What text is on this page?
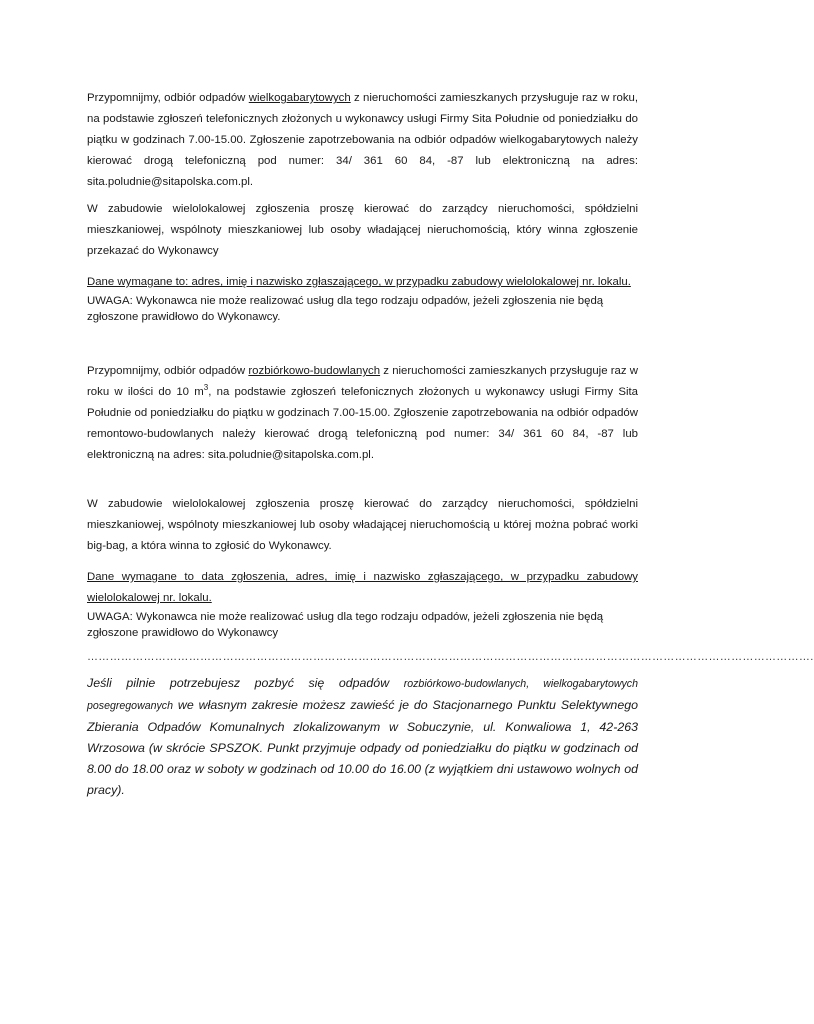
Przypomnijmy, odbiór odpadów wielkogabarytowych z nieruchomości zamieszkanych przysługuje raz w roku, na podstawie zgłoszeń telefonicznych złożonych u wykonawcy usługi Firmy Sita Południe od poniedziałku do piątku w godzinach 7.00-15.00. Zgłoszenie zapotrzebowania na odbiór odpadów wielkogabarytowych należy kierować drogą telefoniczną pod numer: 34/ 361 60 84, -87 lub elektroniczną na adres: sita.poludnie@sitapolska.com.pl.

W zabudowie wielolokalowej zgłoszenia proszę kierować do zarządcy nieruchomości, spółdzielni mieszkaniowej, wspólnoty mieszkaniowej lub osoby władającej nieruchomością, który winna zgłoszenie przekazać do Wykonawcy

Dane wymagane to: adres, imię i nazwisko zgłaszającego, w przypadku zabudowy wielolokalowej nr. lokalu.

UWAGA: Wykonawca nie może realizować usług dla tego rodzaju odpadów, jeżeli zgłoszenia nie będą zgłoszone prawidłowo do Wykonawcy.

Przypomnijmy, odbiór odpadów rozbiórkowo-budowlanych z nieruchomości zamieszkanych przysługuje raz w roku w ilości do 10 $m^3$, na podstawie zgłoszeń telefonicznych złożonych u wykonawcy usługi Firmy Sita Południe od poniedziałku do piątku w godzinach 7.00-15.00. Zgłoszenie zapotrzebowania na odbiór odpadów remontowo-budowlanych należy kierować drogą telefoniczną pod numer: 34/ 361 60 84, -87 lub elektroniczną na adres: sita.poludnie@sitapolska.com.pl.

W zabudowie wielolokalowej zgłoszenia proszę kierować do zarządcy nieruchomości, spółdzielni mieszkaniowej, wspólnoty mieszkaniowej lub osoby władającej nieruchomością u której można pobrać worki big-bag, a która winna to zgłosić do Wykonawcy.

Dane wymagane to data zgłoszenia, adres, imię i nazwisko zgłaszającego, w przypadku zabudowy wielolokalowej nr. lokalu.

UWAGA: Wykonawca nie może realizować usług dla tego rodzaju odpadów, jeżeli zgłoszenia nie będą zgłoszone prawidłowo do Wykonawcy

………………………………………………………………………………………………………………………………………………………………………….

Jeśli pilnie potrzebujesz pozbyć się odpadów rozbiórkowo-budowlanych, wielkogabarytowych posegregowanych we własnym zakresie możesz zawieść je do Stacjonarnego Punktu Selektywnego Zbierania Odpadów Komunalnych zlokalizowanym w Sobuczynie, ul. Konwaliowa 1, 42-263 Wrzosowa (w skrócie SPSZOK. Punkt przyjmuje odpady od poniedziałku do piątku w godzinach od 8.00 do 18.00 oraz w soboty w godzinach od 10.00 do 16.00 (z wyjątkiem dni ustawowo wolnych od pracy).
